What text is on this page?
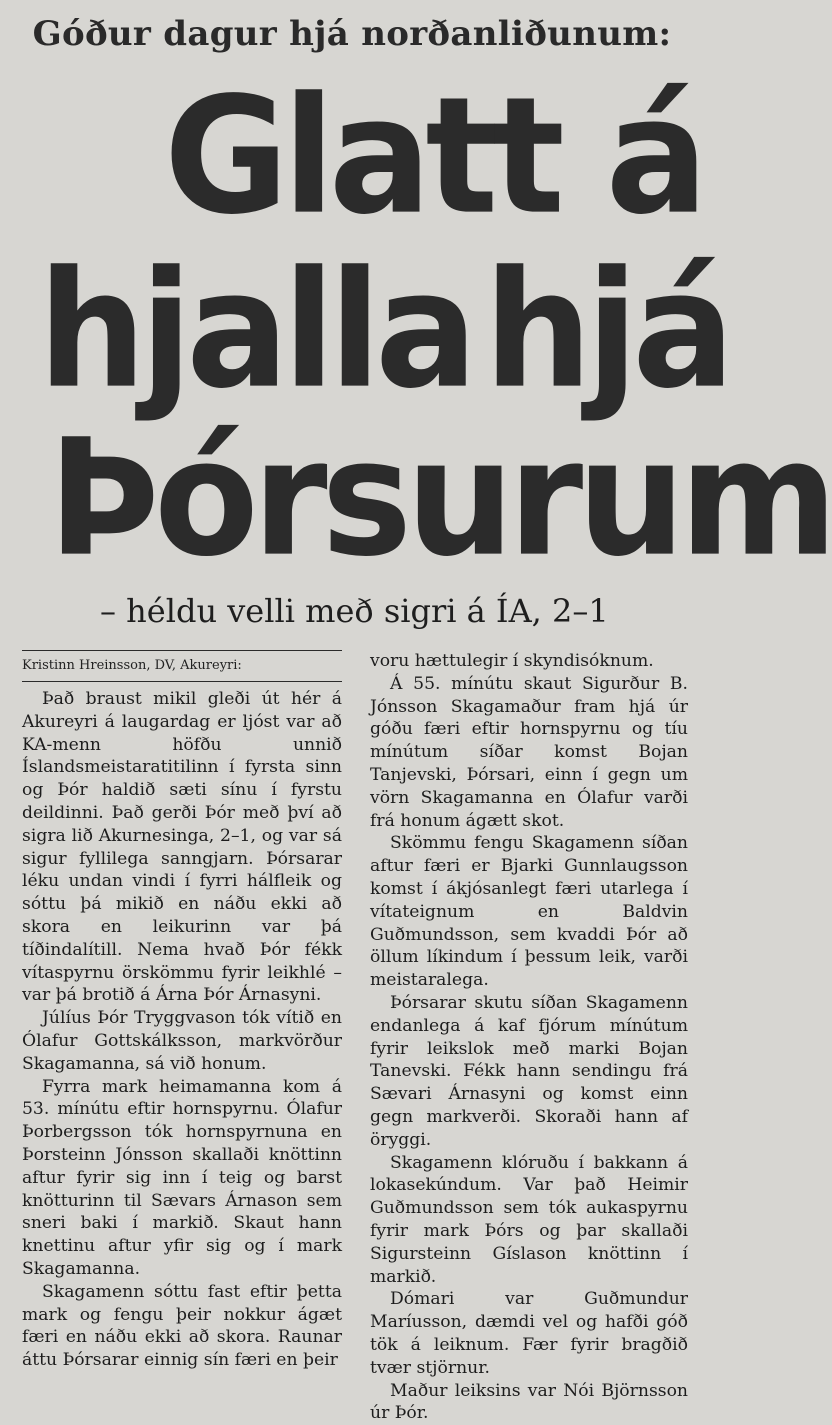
Góður dagur hjá norðanliðunum:
Glatt á
hjalla hjá
Þórsurum
– héldu velli með sigri á ÍA, 2–1
Kristinn Hreinsson, DV, Akureyri:

Það braust mikil gleði út hér á Akureyri á laugardag er ljóst var að KA-menn höfðu unnið Íslandsmeistaratitilinn í fyrsta sinn og Þór haldið sæti sínu í fyrstu deildinni. Það gerði Þór með því að sigra lið Akurnesinga, 2–1, og var sá sigur fyllilega sanngjarn. Þórsarar léku undan vindi í fyrri hálfleik og sóttu þá mikið en náðu ekki að skora en leikurinn var þá tíðindalítill. Nema hvað Þór fékk vítaspyrnu örskömmu fyrir leikhlé – var þá brotið á Árna Þór Árnasyni.

Júlíus Þór Tryggvason tók vítið en Ólafur Gottskálksson, markvörður Skagamanna, sá við honum.

Fyrra mark heimamanna kom á 53. mínútu eftir hornspyrnu. Ólafur Þorbergsson tók hornspyrnuna en Þorsteinn Jónsson skallaði knöttinn aftur fyrir sig inn í teig og barst knötturinn til Sævars Árnason sem sneri baki í markið. Skaut hann knettinu aftur yfir sig og í mark Skagamanna.

Skagamenn sóttu fast eftir þetta mark og fengu þeir nokkur ágæt færi en náðu ekki að skora. Raunar áttu Þórsarar einnig sín færi en þeir

voru hættulegir í skyndisóknum.

Á 55. mínútu skaut Sigurður B. Jónsson Skagamaður fram hjá úr góðu færi eftir hornspyrnu og tíu mínútum síðar komst Bojan Tanjevski, Þórsari, einn í gegn um vörn Skagamanna en Ólafur varði frá honum ágætt skot.

Skömmu fengu Skagamenn síðan aftur færi er Bjarki Gunnlaugsson komst í ákjósanlegt færi utarlega í vítateignum en Baldvin Guðmundsson, sem kvaddi Þór að öllum líkindum í þessum leik, varði meistaralega.

Þórsarar skutu síðan Skagamenn endanlega á kaf fjórum mínútum fyrir leikslok með marki Bojan Tanevski. Fékk hann sendingu frá Sævari Árnasyni og komst einn gegn markverði. Skoraði hann af öryggi.

Skagamenn klóruðu í bakkann á lokasekúndum. Var það Heimir Guðmundsson sem tók aukaspyrnu fyrir mark Þórs og þar skallaði Sigursteinn Gíslason knöttinn í markið.

Dómari var Guðmundur Maríusson, dæmdi vel og hafði góð tök á leiknum. Fær fyrir bragðið tvær stjörnur.

Maður leiksins var Nói Björnsson úr Þór.
